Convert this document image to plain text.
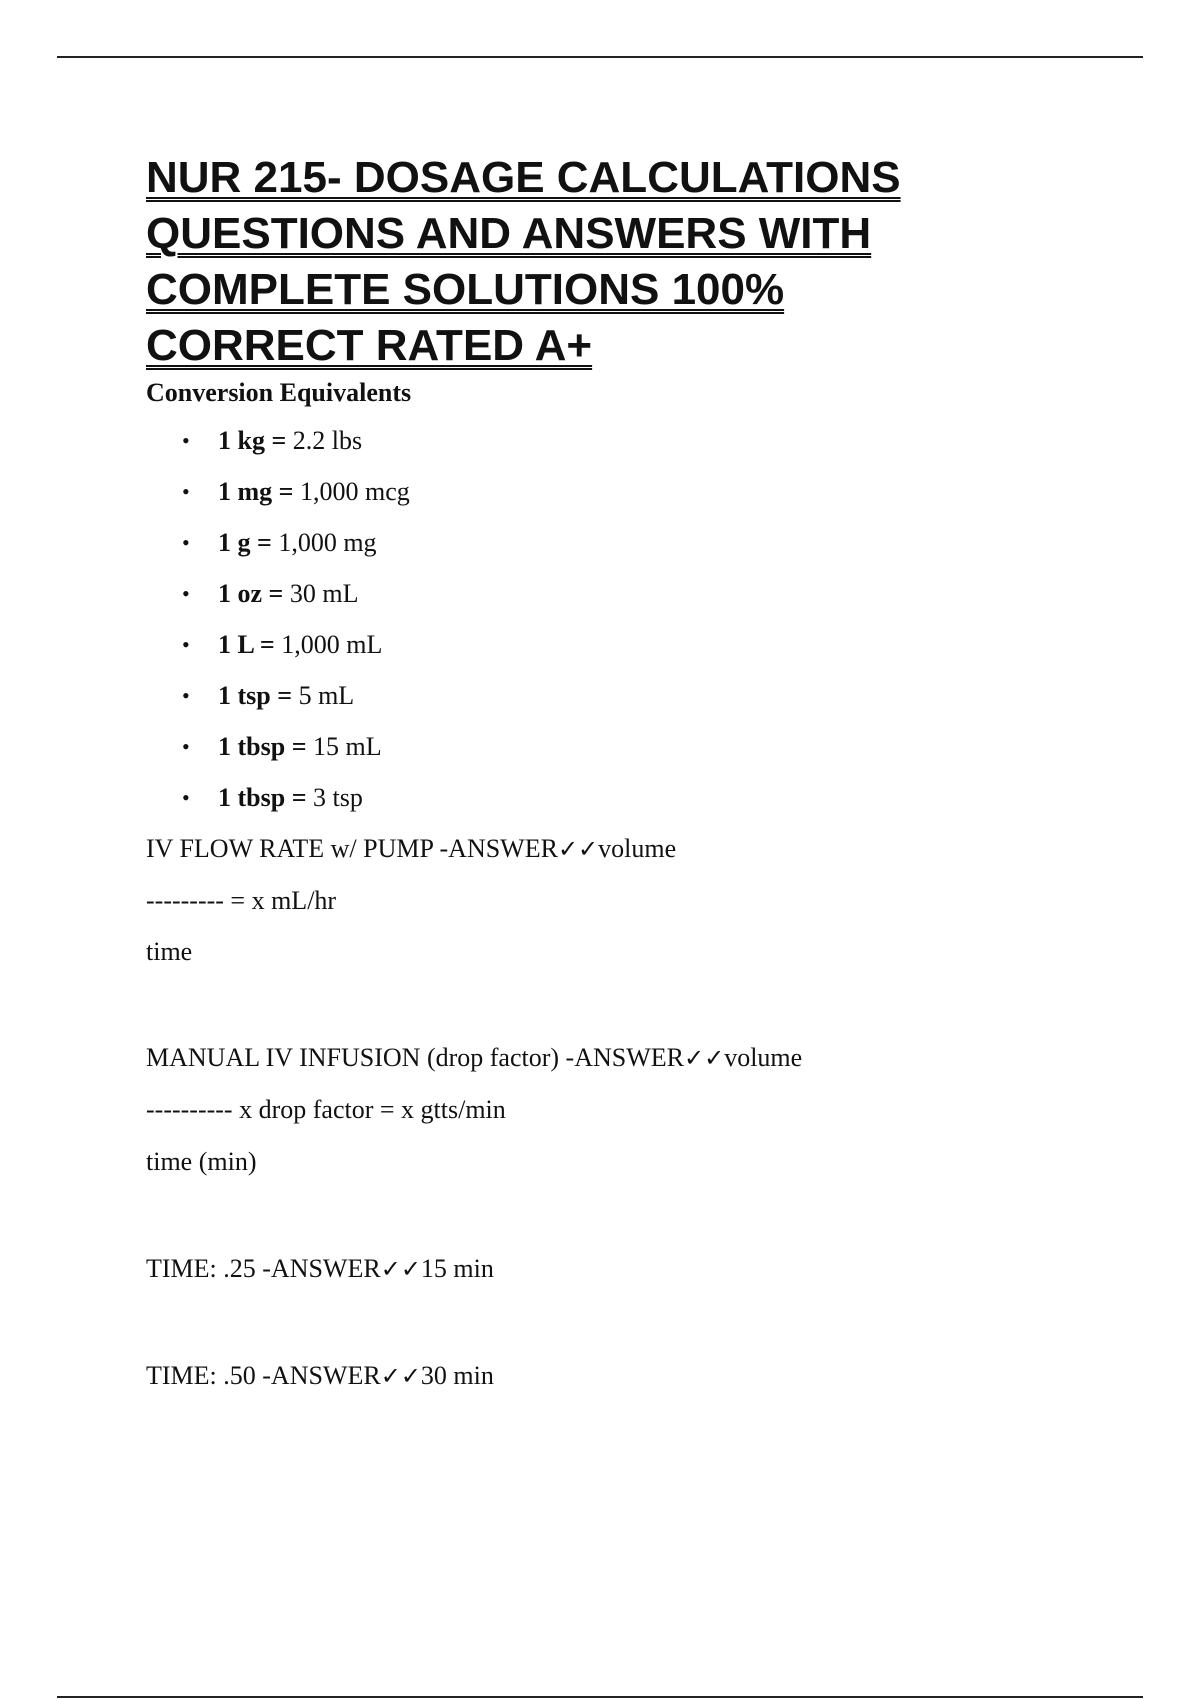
NUR 215- DOSAGE CALCULATIONS
QUESTIONS AND ANSWERS WITH
COMPLETE SOLUTIONS 100%
CORRECT RATED A+
Conversion Equivalents
• 1 kg = 2.2 lbs
• 1 mg = 1,000 mcg
• 1 g = 1,000 mg
• 1 oz = 30 mL
• 1 L = 1,000 mL
• 1 tsp = 5 mL
• 1 tbsp = 15 mL
• 1 tbsp = 3 tsp

IV FLOW RATE w/ PUMP -ANSWER✓✓volume

--------- = x mL/hr

time

MANUAL IV INFUSION (drop factor) -ANSWER✓✓volume

---------- x drop factor = x gtts/min

time (min)

TIME: .25 -ANSWER✓✓15 min

TIME: .50 -ANSWER✓✓30 min
